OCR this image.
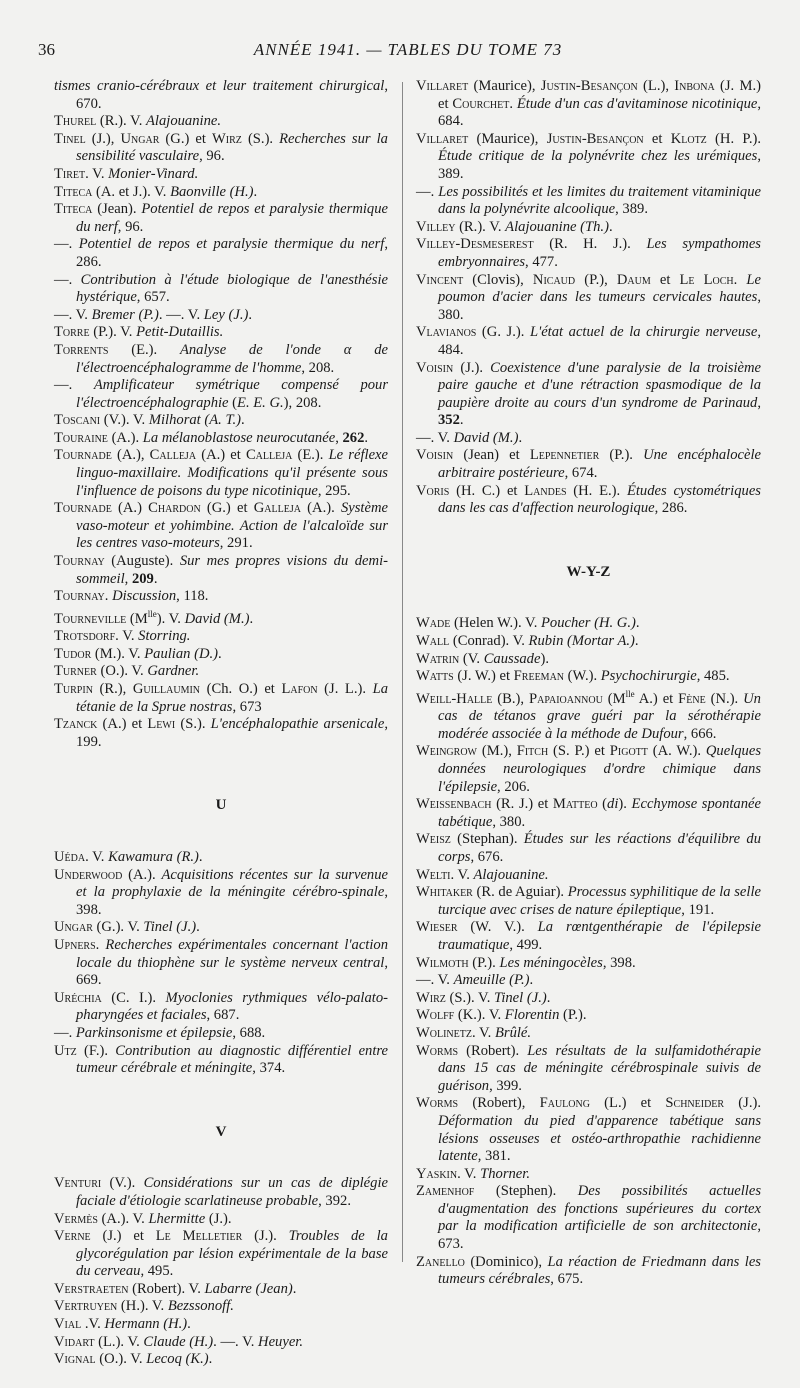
36	ANNÉE 1941. — TABLES DU TOME 73

tismes cranio-cérébraux et leur traitement chirurgical, 670.

Thurel (R.). V. Alajouanine.

Tinel (J.), Ungar (G.) et Wirz (S.). Recherches sur la sensibilité vasculaire, 96.

Tiret. V. Monier-Vinard.

Titeca (A. et J.). V. Baonville (H.).

Titeca (Jean). Potentiel de repos et paralysie thermique du nerf, 96.

—. Potentiel de repos et paralysie thermique du nerf, 286.

—. Contribution à l'étude biologique de l'anesthésie hystérique, 657.

—. V. Bremer (P.). —. V. Ley (J.).

Torre (P.). V. Petit-Dutaillis.

Torrents (E.). Analyse de l'onde α de l'électroencéphalogramme de l'homme, 208.

—. Amplificateur symétrique compensé pour l'électroencéphalographie (E. E. G.), 208.

Toscani (V.). V. Milhorat (A. T.).

Touraine (A.). La mélanoblastose neurocutanée, 262.

Tournade (A.), Calleja (A.) et Calleja (E.). Le réflexe linguo-maxillaire. Modifications qu'il présente sous l'influence de poisons du type nicotinique, 295.

Tournade (A.) Chardon (G.) et Galleja (A.). Système vaso-moteur et yohimbine. Action de l'alcaloïde sur les centres vaso-moteurs, 291.

Tournay (Auguste). Sur mes propres visions du demi-sommeil, 209.

Tournay. Discussion, 118.

Tourneville $(M^{lle})$. V. David (M.).

Trotsdorf. V. Storring.

Tudor (M.). V. Paulian (D.).

Turner (O.). V. Gardner.

Turpin (R.), Guillaumin (Ch. O.) et Lafon (J. L.). La tétanie de la Sprue nostras, 673

Tzanck (A.) et Lewi (S.). L'encéphalopathie arsenicale, 199.

U

Uéda. V. Kawamura (R.).

Underwood (A.). Acquisitions récentes sur la survenue et la prophylaxie de la méningite cérébro-spinale, 398.

Ungar (G.). V. Tinel (J.).

Upners. Recherches expérimentales concernant l'action locale du thiophène sur le système nerveux central, 669.

Uréchia (C. I.). Myoclonies rythmiques vélo-palato-pharyngées et faciales, 687.

—. Parkinsonisme et épilepsie, 688.

Utz (F.). Contribution au diagnostic différentiel entre tumeur cérébrale et méningite, 374.

V

Venturi (V.). Considérations sur un cas de diplégie faciale d'étiologie scarlatineuse probable, 392.

Vermès (A.). V. Lhermitte (J.).

Verne (J.) et Le Melletier (J.). Troubles de la glycorégulation par lésion expérimentale de la base du cerveau, 495.

Verstraeten (Robert). V. Labarre (Jean).

Vertruyen (H.). V. Bezssonoff.

Vial .V. Hermann (H.).

Vidart (L.). V. Claude (H.). —. V. Heuyer.

Vignal (O.). V. Lecoq (K.).

Villaret (Maurice), Justin-Besançon (L.), Inbona (J. M.) et Courchet. Étude d'un cas d'avitaminose nicotinique, 684.

Villaret (Maurice), Justin-Besançon et Klotz (H. P.). Étude critique de la polynévrite chez les urémiques, 389.

—. Les possibilités et les limites du traitement vitaminique dans la polynévrite alcoolique, 389.

Villey (R.). V. Alajouanine (Th.).

Villey-Desmeserest (R. H. J.). Les sympathomes embryonnaires, 477.

Vincent (Clovis), Nicaud (P.), Daum et Le Loch. Le poumon d'acier dans les tumeurs cervicales hautes, 380.

Vlavianos (G. J.). L'état actuel de la chirurgie nerveuse, 484.

Voisin (J.). Coexistence d'une paralysie de la troisième paire gauche et d'une rétraction spasmodique de la paupière droite au cours d'un syndrome de Parinaud, 352.

—. V. David (M.).

Voisin (Jean) et Lepennetier (P.). Une encéphalocèle arbitraire postérieure, 674.

Voris (H. C.) et Landes (H. E.). Études cystométriques dans les cas d'affection neurologique, 286.

W-Y-Z

Wade (Helen W.). V. Poucher (H. G.).

Wall (Conrad). V. Rubin (Mortar A.).

Watrin (V. Caussade).

Watts (J. W.) et Freeman (W.). Psychochirurgie, 485.

Weill-Halle (B.), Papaioannou ($M^{lle}$ A.) et Fène (N.). Un cas de tétanos grave guéri par la sérothérapie modérée associée à la méthode de Dufour, 666.

Weingrow (M.), Fitch (S. P.) et Pigott (A. W.). Quelques données neurologiques d'ordre chimique dans l'épilepsie, 206.

Weissenbach (R. J.) et Matteo (di). Ecchymose spontanée tabétique, 380.

Weisz (Stephan). Études sur les réactions d'équilibre du corps, 676.

Welti. V. Alajouanine.

Whitaker (R. de Aguiar). Processus syphilitique de la selle turcique avec crises de nature épileptique, 191.

Wieser (W. V.). La rœntgenthérapie de l'épilepsie traumatique, 499.

Wilmoth (P.). Les méningocèles, 398.

—. V. Ameuille (P.).

Wirz (S.). V. Tinel (J.).

Wolff (K.). V. Florentin (P.).

Wolinetz. V. Brûlé.

Worms (Robert). Les résultats de la sulfamidothérapie dans 15 cas de méningite cérébrospinale suivis de guérison, 399.

Worms (Robert), Faulong (L.) et Schneider (J.). Déformation du pied d'apparence tabétique sans lésions osseuses et ostéo-arthropathie rachidienne latente, 381.

Yaskin. V. Thorner.

Zamenhof (Stephen). Des possibilités actuelles d'augmentation des fonctions supérieures du cortex par la modification artificielle de son architectonie, 673.

Zanello (Dominico), La réaction de Friedmann dans les tumeurs cérébrales, 675.
